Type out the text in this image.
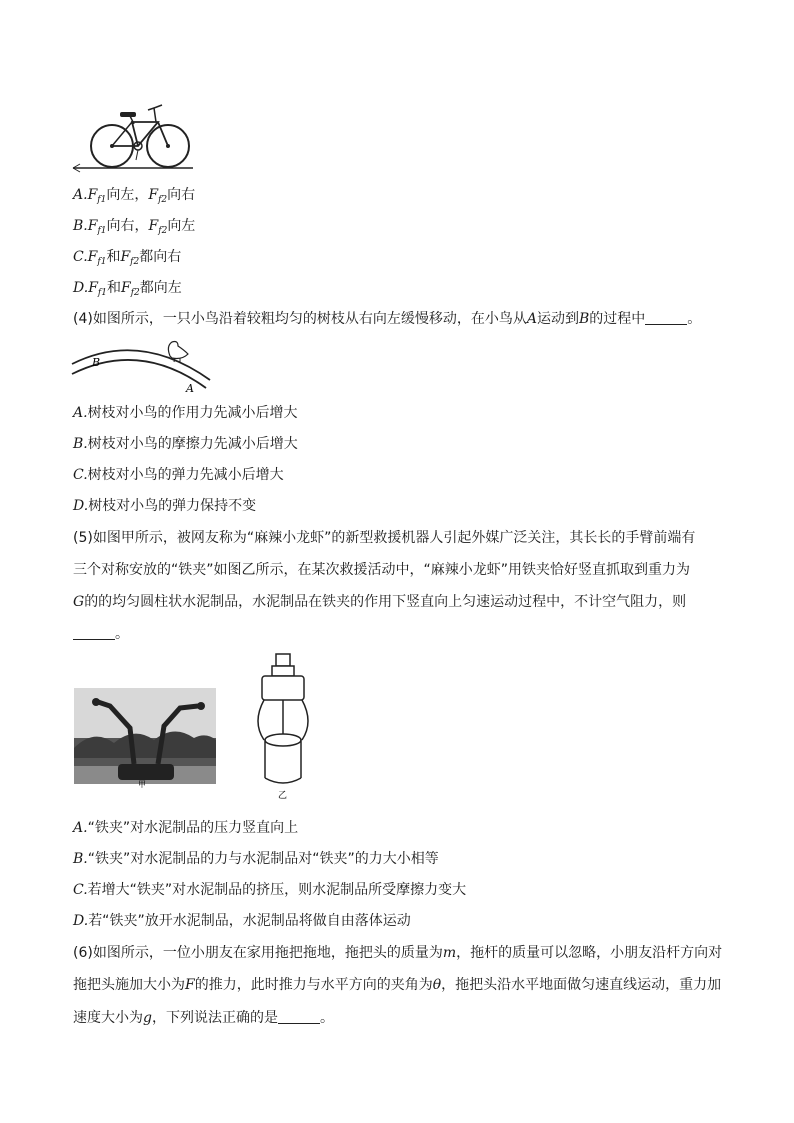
$A.F_{f1}$向左，$F_{f2}$向右
$B.F_{f1}$向右，$F_{f2}$向左
$C.F_{f1}$和$F_{f2}$都向右
$D.F_{f1}$和$F_{f2}$都向左
(4)如图所示，一只小鸟沿着较粗均匀的树枝从右向左缓慢移动，在小鸟从A运动到B的过程中	。
B
A
A.树枝对小鸟的作用力先减小后增大
B.树枝对小鸟的摩擦力先减小后增大
C.树枝对小鸟的弹力先减小后增大
D.树枝对小鸟的弹力保持不变
(5)如图甲所示，被网友称为“麻辣小龙虾”的新型救援机器人引起外媒广泛关注，其长长的手臂前端有
三个对称安放的“铁夹”如图乙所示，在某次救援活动中，“麻辣小龙虾”用铁夹恰好竖直抓取到重力为
G的的均匀圆柱状水泥制品，水泥制品在铁夹的作用下竖直向上匀速运动过程中，不计空气阻力，则
。
甲
乙
A.“铁夹”对水泥制品的压力竖直向上
B.“铁夹”对水泥制品的力与水泥制品对“铁夹”的力大小相等
C.若增大“铁夹”对水泥制品的挤压，则水泥制品所受摩擦力变大
D.若“铁夹”放开水泥制品，水泥制品将做自由落体运动
(6)如图所示，一位小朋友在家用拖把拖地，拖把头的质量为m，拖杆的质量可以忽略，小朋友沿杆方向对
拖把头施加大小为F的推力，此时推力与水平方向的夹角为θ，拖把头沿水平地面做匀速直线运动，重力加
速度大小为g，下列说法正确的是	。
